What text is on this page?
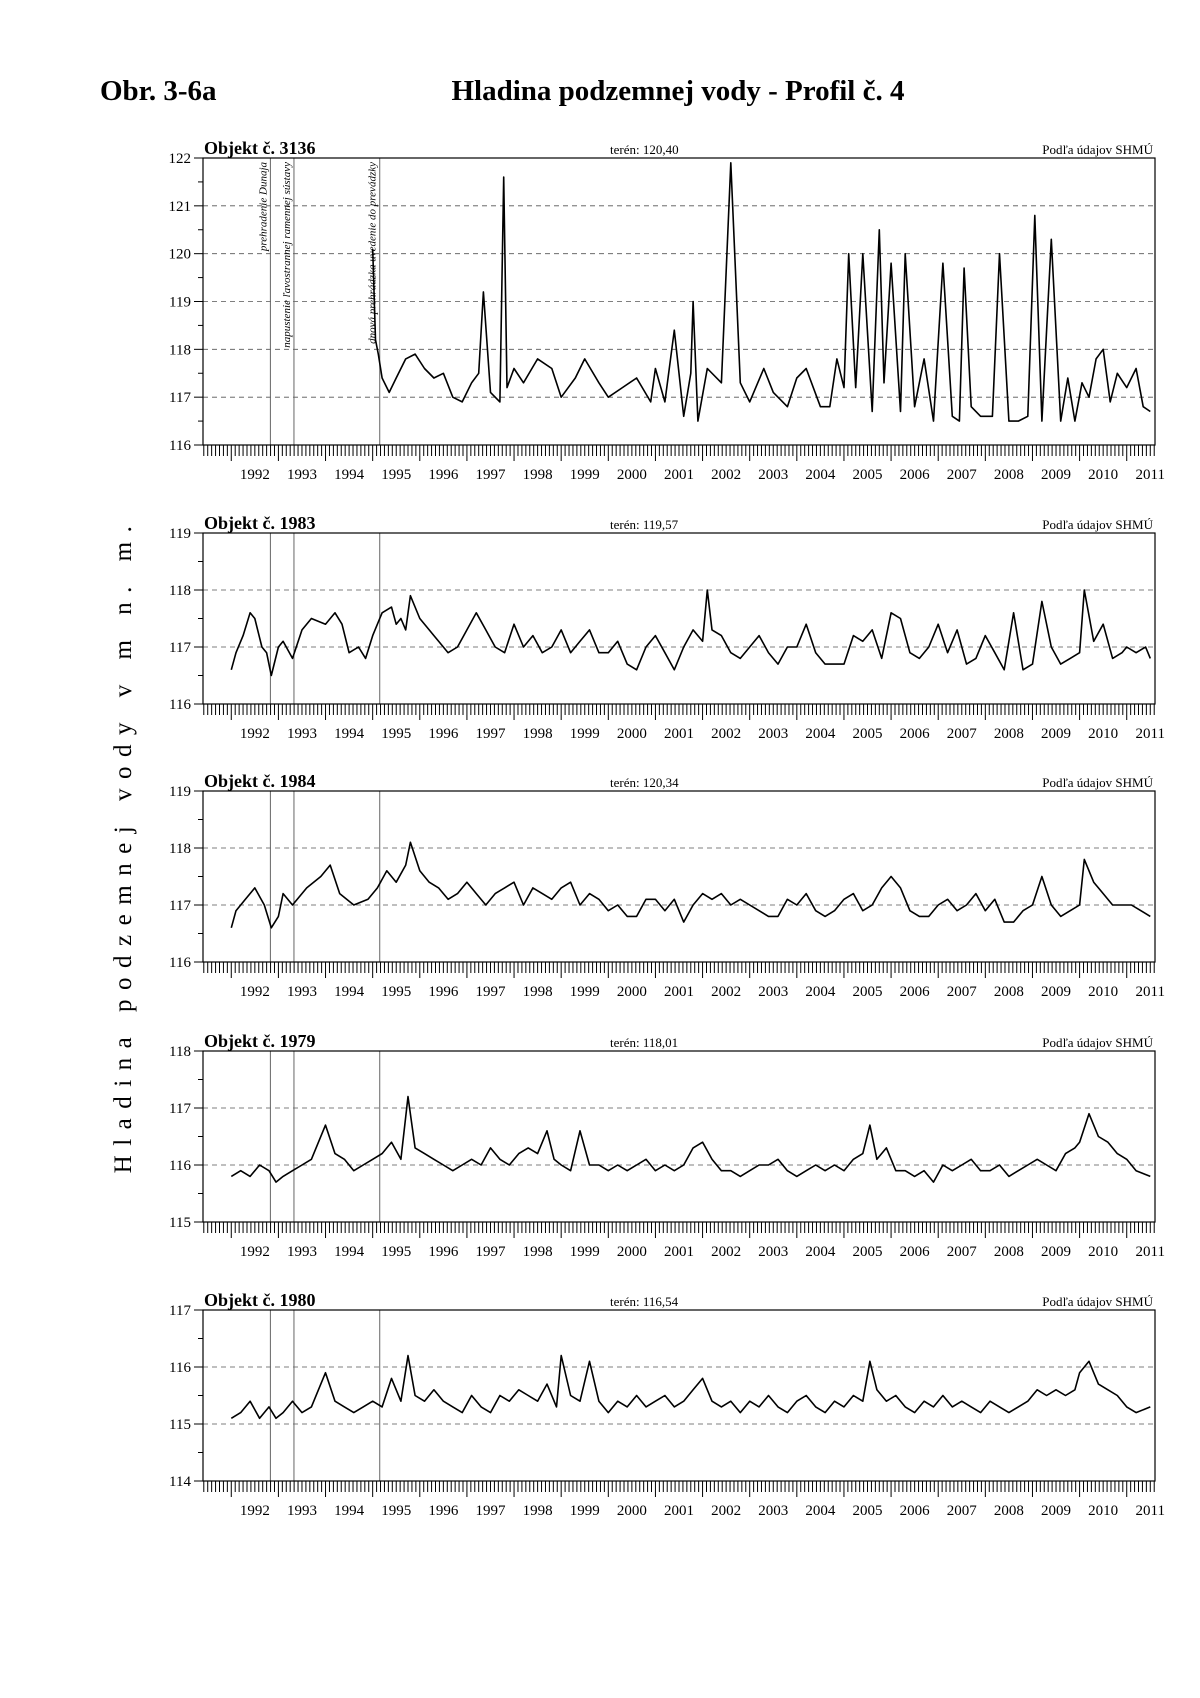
Obr. 3-6a	Hladina podzemnej vody - Profil č. 4
Hladina podzemnej vody v m n. m.
prehradenie Dunaja napustenie ľavostrannej ramennej sústavy	dnová prehrádzka uvedenie do prevádzky
116
117
118
119
120
121
122
1992 1993 1994 1995 1996 1997 1998 1999 2000 2001 2002 2003 2004 2005 2006 2007 2008 2009 2010 2011
Objekt č. 3136	terén: 120,40	Podľa údajov SHMÚ
116
117
118
119
1992 1993 1994 1995 1996 1997 1998 1999 2000 2001 2002 2003 2004 2005 2006 2007 2008 2009 2010 2011
Objekt č. 1983	terén: 119,57	Podľa údajov SHMÚ
116
117
118
119
1992 1993 1994 1995 1996 1997 1998 1999 2000 2001 2002 2003 2004 2005 2006 2007 2008 2009 2010 2011
Objekt č. 1984	terén: 120,34	Podľa údajov SHMÚ
115
116
117
118
1992 1993 1994 1995 1996 1997 1998 1999 2000 2001 2002 2003 2004 2005 2006 2007 2008 2009 2010 2011
Objekt č. 1979	terén: 118,01	Podľa údajov SHMÚ
114
115
116
117
1992 1993 1994 1995 1996 1997 1998 1999 2000 2001 2002 2003 2004 2005 2006 2007 2008 2009 2010 2011
Objekt č. 1980	terén: 116,54	Podľa údajov SHMÚ
